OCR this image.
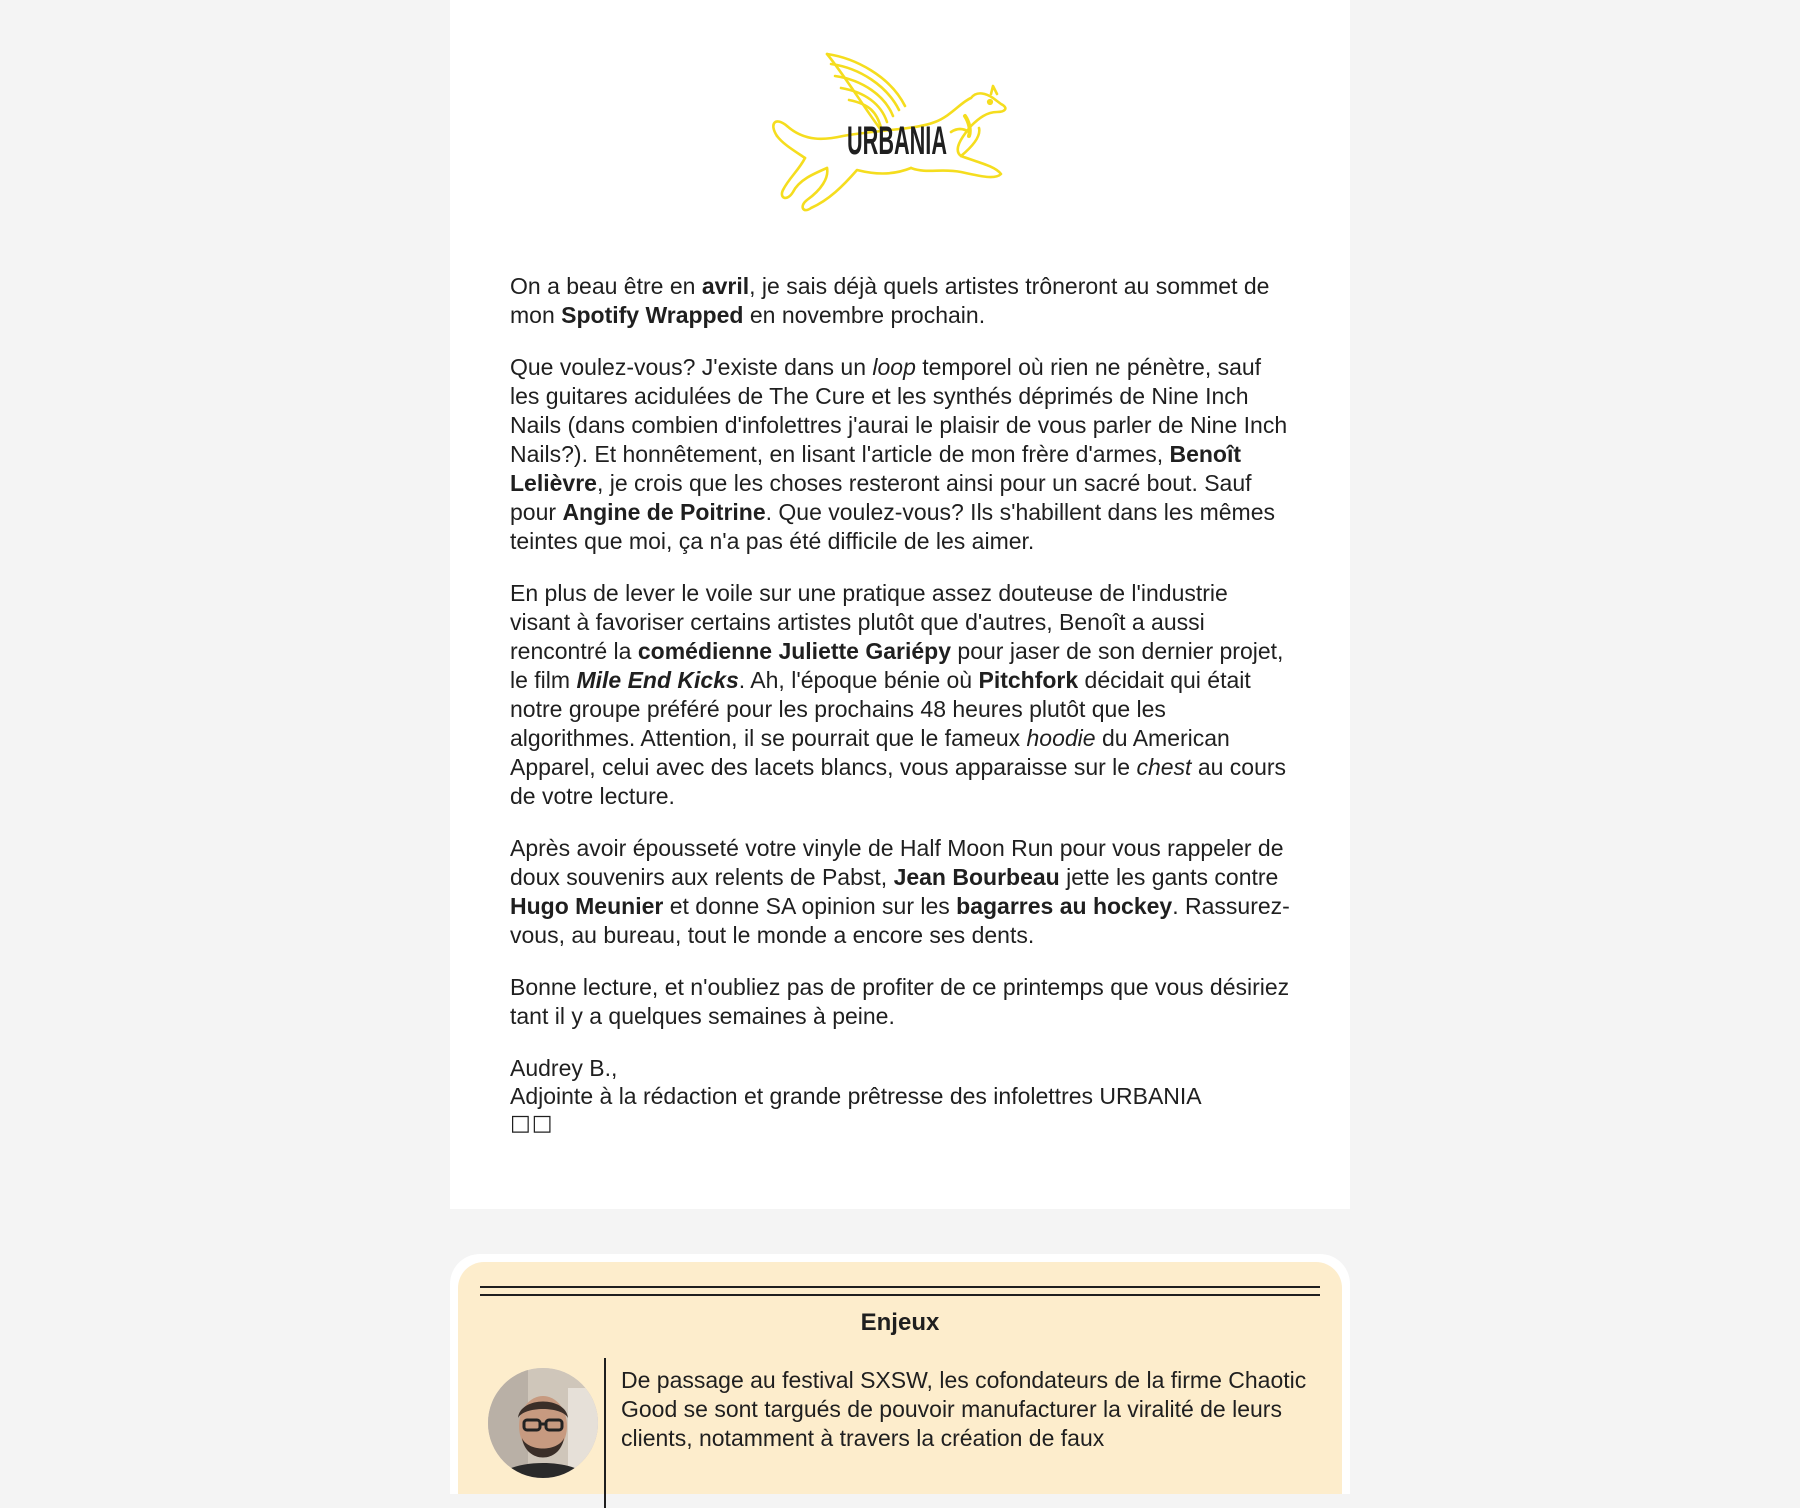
URBANIA

On a beau être en avril, je sais déjà quels artistes trôneront au sommet de mon Spotify Wrapped en novembre prochain.

Que voulez-vous? J'existe dans un loop temporel où rien ne pénètre, sauf les guitares acidulées de The Cure et les synthés déprimés de Nine Inch Nails (dans combien d'infolettres j'aurai le plaisir de vous parler de Nine Inch Nails?). Et honnêtement, en lisant l'article de mon frère d'armes, Benoît Lelièvre, je crois que les choses resteront ainsi pour un sacré bout. Sauf pour Angine de Poitrine. Que voulez-vous? Ils s'habillent dans les mêmes teintes que moi, ça n'a pas été difficile de les aimer.

En plus de lever le voile sur une pratique assez douteuse de l'industrie visant à favoriser certains artistes plutôt que d'autres, Benoît a aussi rencontré la comédienne Juliette Gariépy pour jaser de son dernier projet, le film Mile End Kicks. Ah, l'époque bénie où Pitchfork décidait qui était notre groupe préféré pour les prochains 48 heures plutôt que les algorithmes. Attention, il se pourrait que le fameux hoodie du American Apparel, celui avec des lacets blancs, vous apparaisse sur le chest au cours de votre lecture.

Après avoir épousseté votre vinyle de Half Moon Run pour vous rappeler de doux souvenirs aux relents de Pabst, Jean Bourbeau jette les gants contre Hugo Meunier et donne SA opinion sur les bagarres au hockey. Rassurez-vous, au bureau, tout le monde a encore ses dents.

Bonne lecture, et n'oubliez pas de profiter de ce printemps que vous désiriez tant il y a quelques semaines à peine.

Audrey B.,
Adjointe à la rédaction et grande prêtresse des infolettres URBANIA
□□
Enjeux
De passage au festival SXSW, les cofondateurs de la firme Chaotic Good se sont targués de pouvoir manufacturer la viralité de leurs clients, notamment à travers la création de faux
